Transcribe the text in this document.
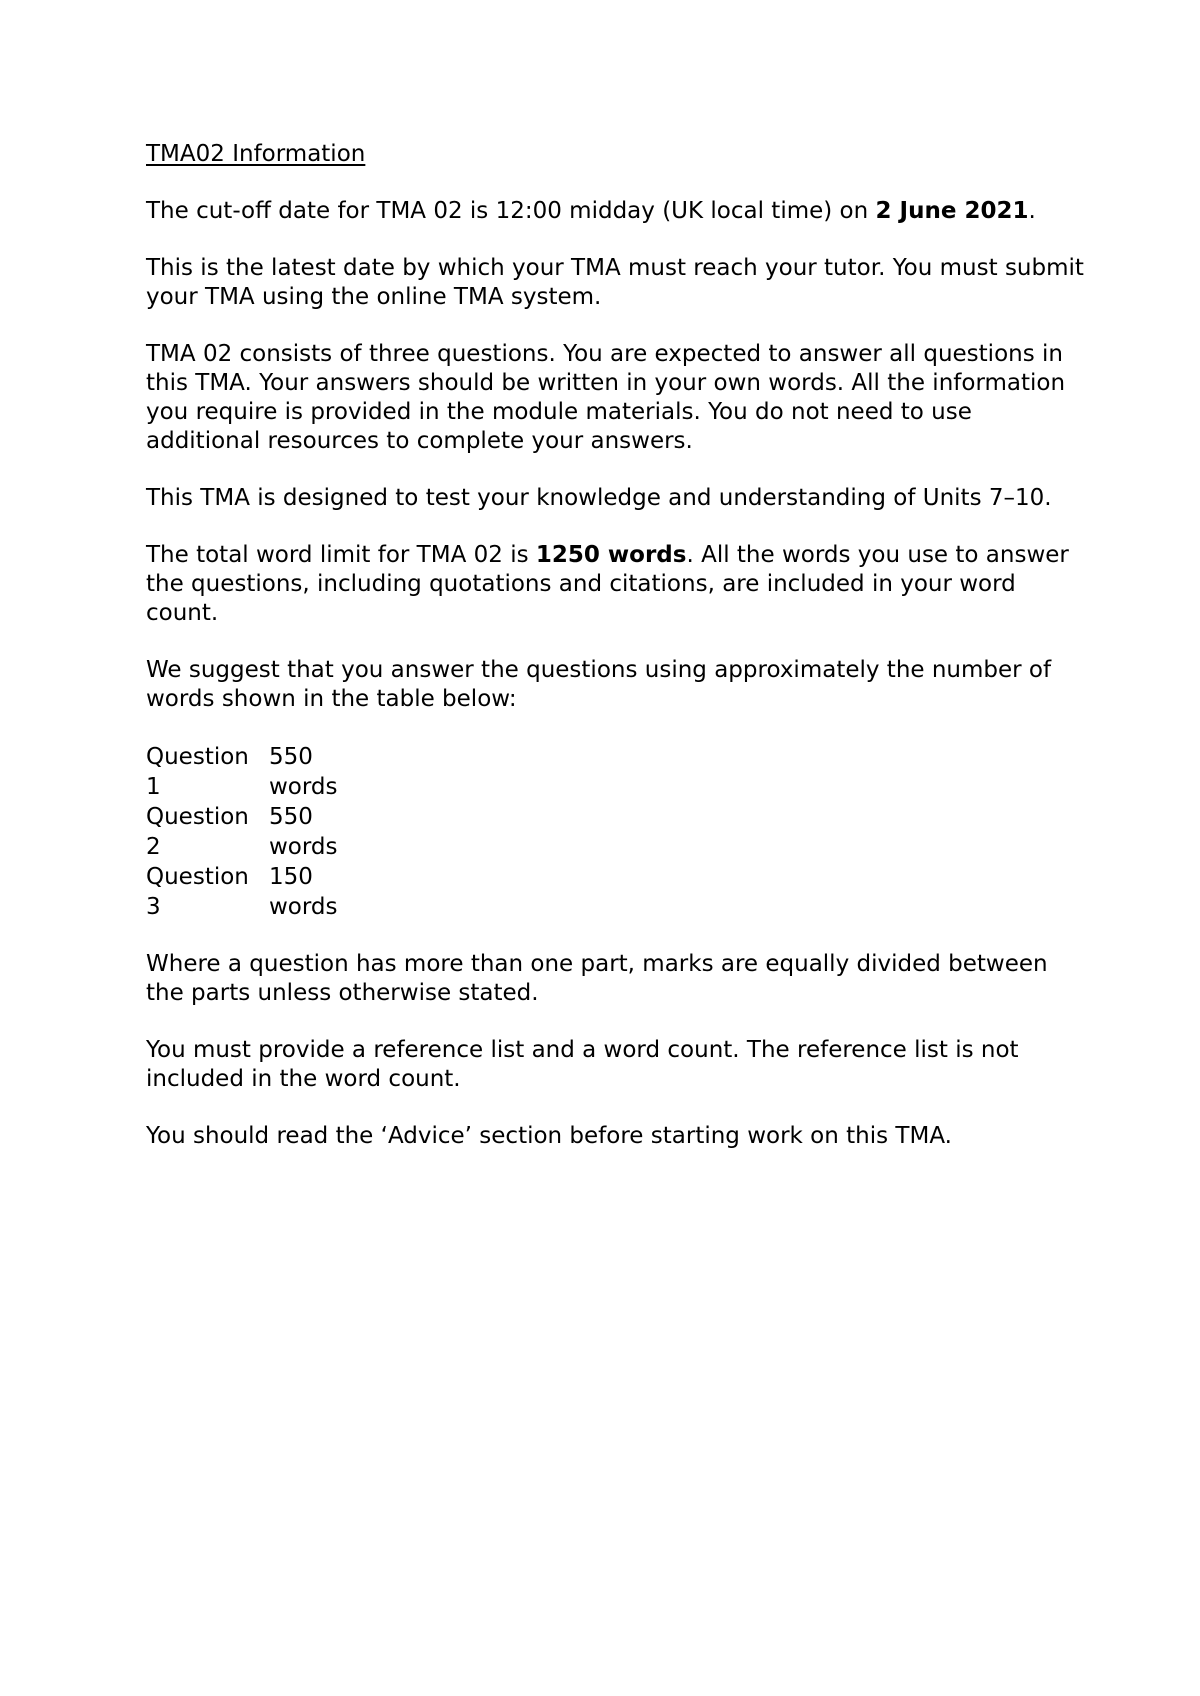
TMA02 Information

The cut-off date for TMA 02 is 12:00 midday (UK local time) on 2 June 2021.

This is the latest date by which your TMA must reach your tutor. You must submit your TMA using the online TMA system.

TMA 02 consists of three questions. You are expected to answer all questions in this TMA. Your answers should be written in your own words. All the information you require is provided in the module materials. You do not need to use additional resources to complete your answers.

This TMA is designed to test your knowledge and understanding of Units 7–10.

The total word limit for TMA 02 is 1250 words. All the words you use to answer the questions, including quotations and citations, are included in your word count.

We suggest that you answer the questions using approximately the number of words shown in the table below:

Question 1	550 words
Question 2	550 words
Question 3	150 words

Where a question has more than one part, marks are equally divided between the parts unless otherwise stated.

You must provide a reference list and a word count. The reference list is not included in the word count.

You should read the ‘Advice’ section before starting work on this TMA.
